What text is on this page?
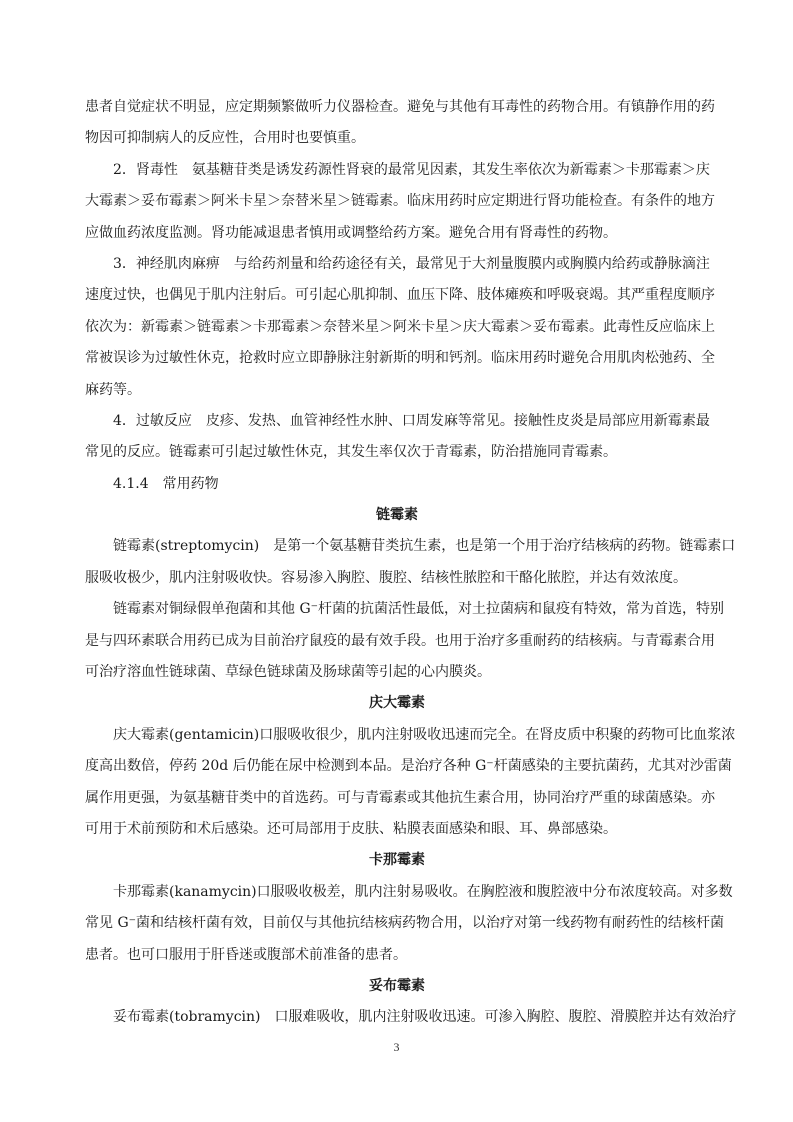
患者自觉症状不明显，应定期频繁做听力仪器检查。避免与其他有耳毒性的药物合用。有镇静作用的药
物因可抑制病人的反应性，合用时也要慎重。
2．肾毒性　氨基糖苷类是诱发药源性肾衰的最常见因素，其发生率依次为新霉素＞卡那霉素＞庆
大霉素＞妥布霉素＞阿米卡星＞奈替米星＞链霉素。临床用药时应定期进行肾功能检查。有条件的地方
应做血药浓度监测。肾功能减退患者慎用或调整给药方案。避免合用有肾毒性的药物。
3．神经肌肉麻痹　与给药剂量和给药途径有关，最常见于大剂量腹膜内或胸膜内给药或静脉滴注
速度过快，也偶见于肌内注射后。可引起心肌抑制、血压下降、肢体瘫痪和呼吸衰竭。其严重程度顺序
依次为：新霉素＞链霉素＞卡那霉素＞奈替米星＞阿米卡星＞庆大霉素＞妥布霉素。此毒性反应临床上
常被误诊为过敏性休克，抢救时应立即静脉注射新斯的明和钙剂。临床用药时避免合用肌肉松弛药、全
麻药等。
4．过敏反应　皮疹、发热、血管神经性水肿、口周发麻等常见。接触性皮炎是局部应用新霉素最
常见的反应。链霉素可引起过敏性休克，其发生率仅次于青霉素，防治措施同青霉素。
4.1.4　常用药物
链霉素
链霉素(streptomycin)　是第一个氨基糖苷类抗生素，也是第一个用于治疗结核病的药物。链霉素口
服吸收极少，肌内注射吸收快。容易渗入胸腔、腹腔、结核性脓腔和干酪化脓腔，并达有效浓度。
链霉素对铜绿假单孢菌和其他 G⁻杆菌的抗菌活性最低，对土拉菌病和鼠疫有特效，常为首选，特别
是与四环素联合用药已成为目前治疗鼠疫的最有效手段。也用于治疗多重耐药的结核病。与青霉素合用
可治疗溶血性链球菌、草绿色链球菌及肠球菌等引起的心内膜炎。
庆大霉素
庆大霉素(gentamicin)口服吸收很少，肌内注射吸收迅速而完全。在肾皮质中积聚的药物可比血浆浓
度高出数倍，停药 20d 后仍能在尿中检测到本品。是治疗各种 G⁻杆菌感染的主要抗菌药，尤其对沙雷菌
属作用更强，为氨基糖苷类中的首选药。可与青霉素或其他抗生素合用，协同治疗严重的球菌感染。亦
可用于术前预防和术后感染。还可局部用于皮肤、粘膜表面感染和眼、耳、鼻部感染。
卡那霉素
卡那霉素(kanamycin)口服吸收极差，肌内注射易吸收。在胸腔液和腹腔液中分布浓度较高。对多数
常见 G⁻菌和结核杆菌有效，目前仅与其他抗结核病药物合用，以治疗对第一线药物有耐药性的结核杆菌
患者。也可口服用于肝昏迷或腹部术前准备的患者。
妥布霉素
妥布霉素(tobramycin)　口服难吸收，肌内注射吸收迅速。可渗入胸腔、腹腔、滑膜腔并达有效治疗
3
